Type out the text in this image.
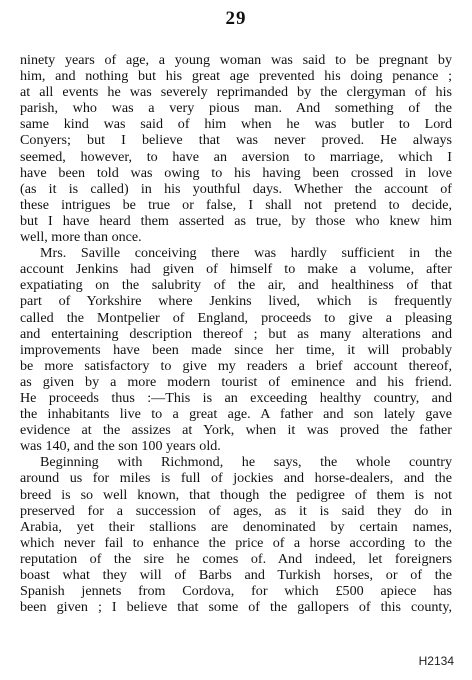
29
ninety years of age, a young woman was said to be pregnant by
him, and nothing but his great age prevented his doing penance ;
at all events he was severely reprimanded by the clergyman of his
parish, who was a very pious man. And something of the
same kind was said of him when he was butler to Lord
Conyers; but I believe that was never proved. He always
seemed, however, to have an aversion to marriage, which I
have been told was owing to his having been crossed in love
(as it is called) in his youthful days. Whether the account of
these intrigues be true or false, I shall not pretend to decide,
but I have heard them asserted as true, by those who knew him
well, more than once.
Mrs. Saville conceiving there was hardly sufficient in the
account Jenkins had given of himself to make a volume, after
expatiating on the salubrity of the air, and healthiness of that
part of Yorkshire where Jenkins lived, which is frequently
called the Montpelier of England, proceeds to give a pleasing
and entertaining description thereof ; but as many alterations and
improvements have been made since her time, it will probably
be more satisfactory to give my readers a brief account thereof,
as given by a more modern tourist of eminence and his friend.
He proceeds thus :—This is an exceeding healthy country, and
the inhabitants live to a great age. A father and son lately gave
evidence at the assizes at York, when it was proved the father
was 140, and the son 100 years old.
Beginning with Richmond, he says, the whole country
around us for miles is full of jockies and horse-dealers, and the
breed is so well known, that though the pedigree of them is not
preserved for a succession of ages, as it is said they do in
Arabia, yet their stallions are denominated by certain names,
which never fail to enhance the price of a horse according to the
reputation of the sire he comes of. And indeed, let foreigners
boast what they will of Barbs and Turkish horses, or of the
Spanish jennets from Cordova, for which £500 apiece has
been given ; I believe that some of the gallopers of this county,
H2134
